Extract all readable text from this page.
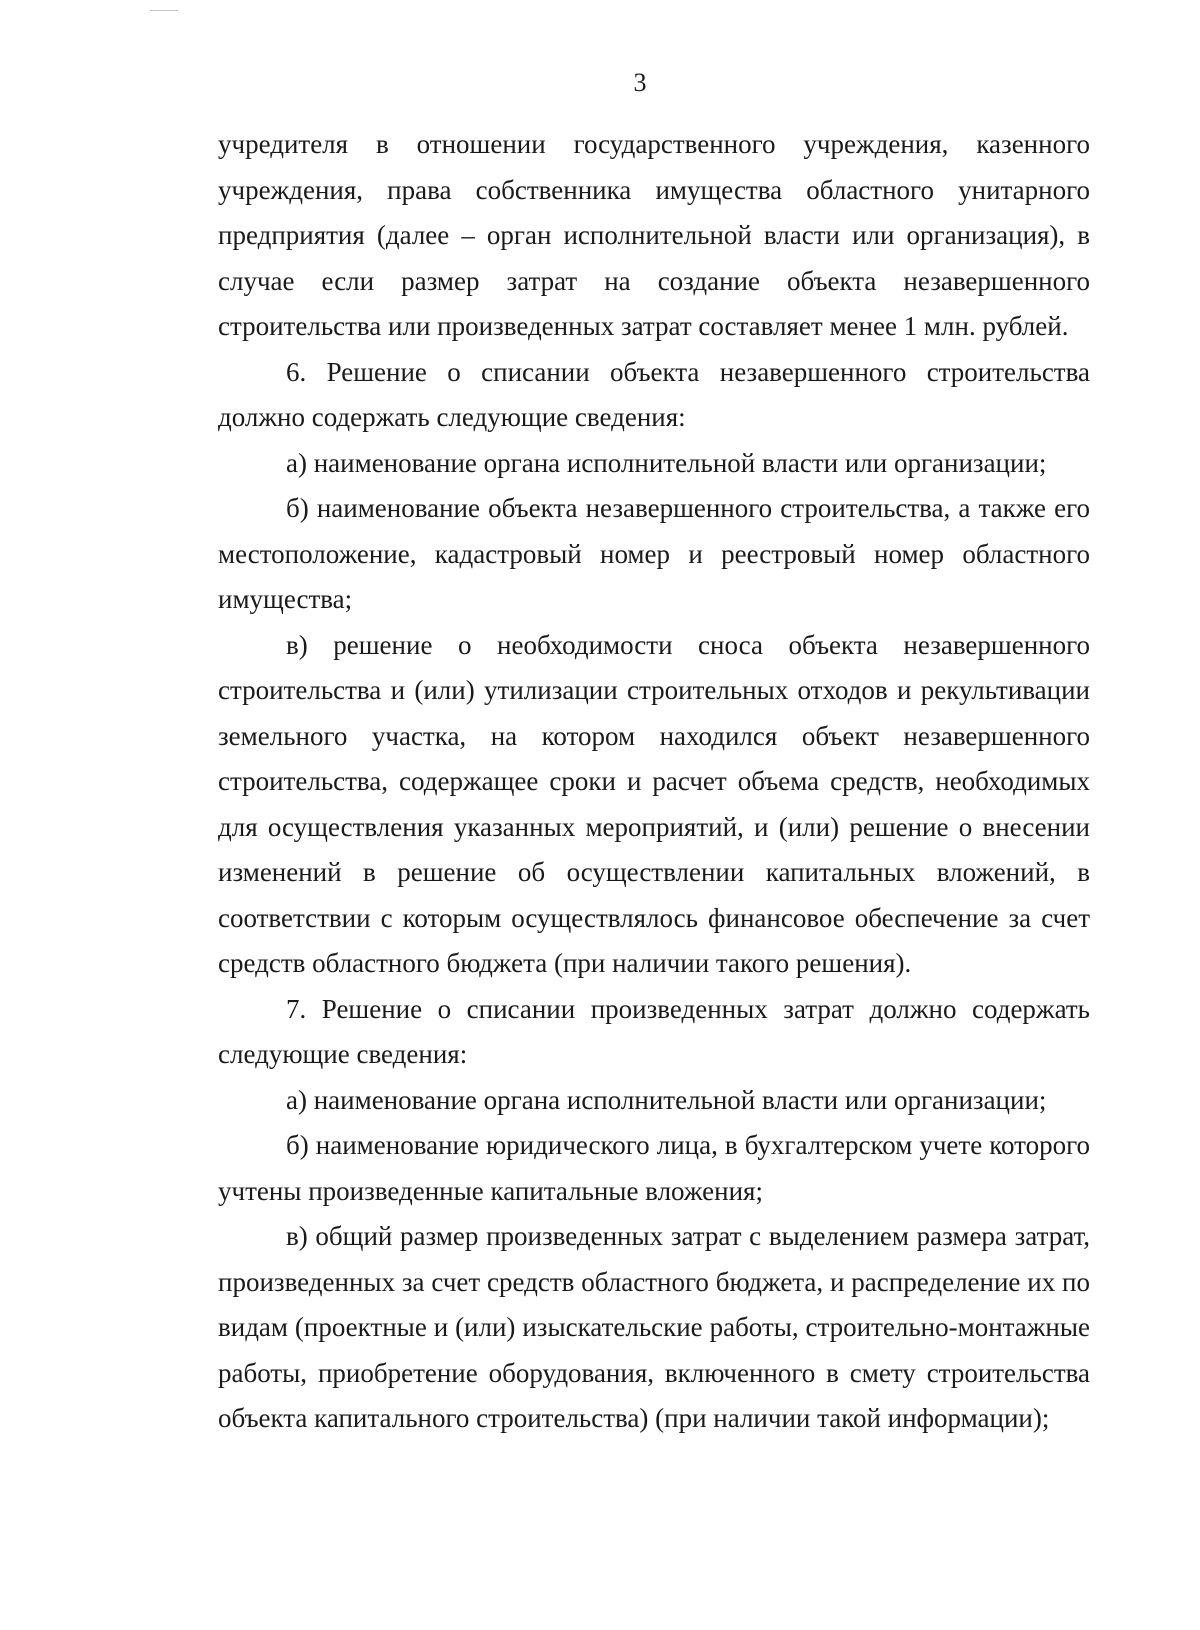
3

учредителя в отношении государственного учреждения, казенного учреждения, права собственника имущества областного унитарного предприятия (далее – орган исполнительной власти или организация), в случае если размер затрат на создание объекта незавершенного строительства или произведенных затрат составляет менее 1 млн. рублей.

6. Решение о списании объекта незавершенного строительства должно содержать следующие сведения:

а) наименование органа исполнительной власти или организации;

б) наименование объекта незавершенного строительства, а также его местоположение, кадастровый номер и реестровый номер областного имущества;

в) решение о необходимости сноса объекта незавершенного строительства и (или) утилизации строительных отходов и рекультивации земельного участка, на котором находился объект незавершенного строительства, содержащее сроки и расчет объема средств, необходимых для осуществления указанных мероприятий, и (или) решение о внесении изменений в решение об осуществлении капитальных вложений, в соответствии с которым осуществлялось финансовое обеспечение за счет средств областного бюджета (при наличии такого решения).

7. Решение о списании произведенных затрат должно содержать следующие сведения:

а) наименование органа исполнительной власти или организации;

б) наименование юридического лица, в бухгалтерском учете которого учтены произведенные капитальные вложения;

в) общий размер произведенных затрат с выделением размера затрат, произведенных за счет средств областного бюджета, и распределение их по видам (проектные и (или) изыскательские работы, строительно-монтажные работы, приобретение оборудования, включенного в смету строительства объекта капитального строительства) (при наличии такой информации);
